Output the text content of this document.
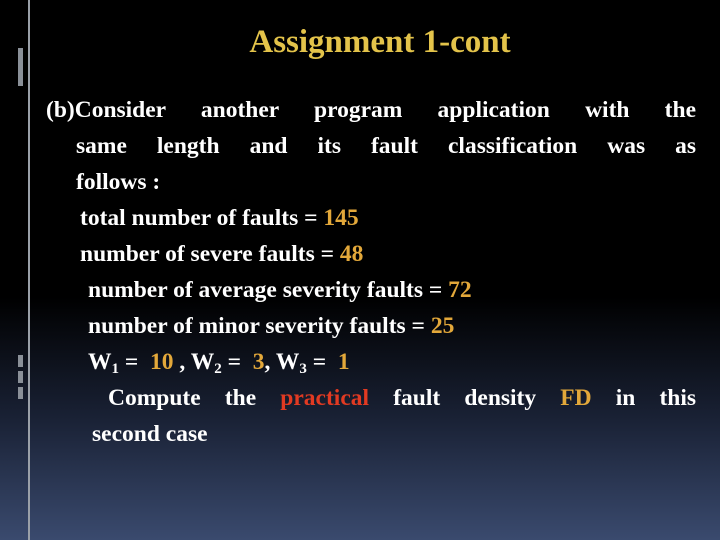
Assignment 1-cont
(b)Consider another program application with the
same length and its fault classification was as
follows :
total number of faults = 145
number of severe faults = 48
number of average severity faults = 72
number of minor severity faults = 25
$W_1 = 10$ , $W_2 = 3$, $W_3 = 1$
Compute the practical fault density FD in this
second case
